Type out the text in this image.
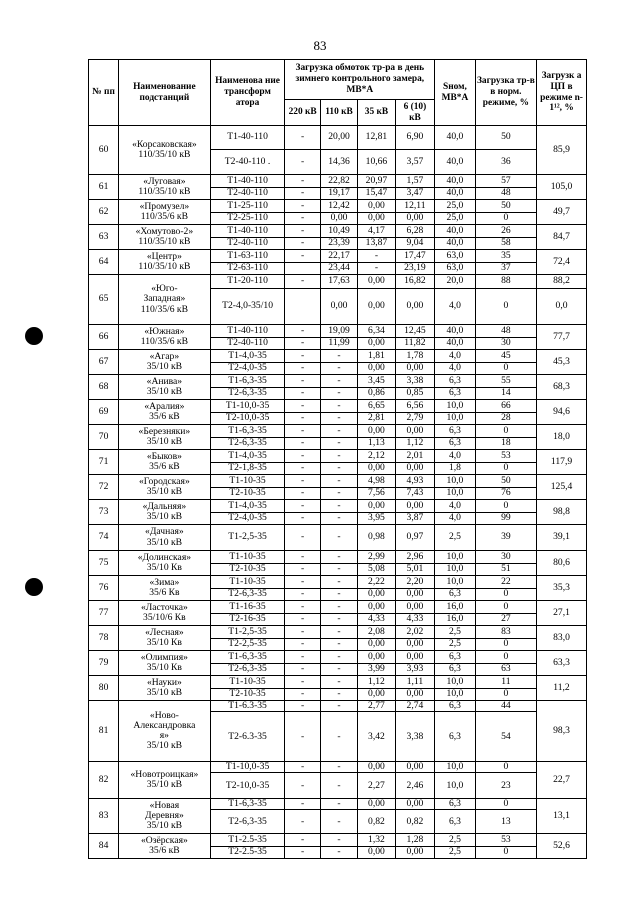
83
№ пп	Наименование подстанций	Наименова ние трансформ атора	Загрузка обмоток тр-ра в день зимнего контрольного замера, МВ*А				Sном, МВ*А	Загрузка тр-в в норм. режиме, %	Загрузк а ЦП в режиме n-1¹², %
			220 кВ	110 кВ	35 кВ	6 (10) кВ			
60	«Корсаковская»
110/35/10 кВ	Т1-40-110	-	20,00	12,81	6,90	40,0	50	85,9
		Т2-40-110 .	-	14,36	10,66	3,57	40,0	36	
61	«Луговая»
110/35/10 кВ	Т1-40-110	-	22,82	20,97	1,57	40,0	57	105,0
		Т2-40-110	-	19,17	15,47	3,47	40,0	48	
62	«Промузел»
110/35/6 кВ	Т1-25-110	-	12,42	0,00	12,11	25,0	50	49,7
		Т2-25-110	-	0,00	0,00	0,00	25,0	0	
63	«Хомутово-2»
110/35/10 кВ	Т1-40-110	-	10,49	4,17	6,28	40,0	26	84,7
		Т2-40-110	-	23,39	13,87	9,04	40,0	58	
64	«Центр»
110/35/10 кВ	Т1-63-110	-	22,17	-	17,47	63,0	35	72,4
		Т2-63-110		23,44	-	23,19	63,0	37	
65	«Юго-
Западная»
110/35/6 кВ	Т1-20-110	-	17,63	0,00	16,82	20,0	88	88,2
		Т2-4,0-35/10		0,00	0,00	0,00	4,0	0	0,0
66	«Южная»
110/35/6 кВ	Т1-40-110	-	19,09	6,34	12,45	40,0	48	77,7
		Т2-40-110	-	11,99	0,00	11,82	40,0	30	
67	«Агар»
35/10 кВ	Т1-4,0-35	-	-	1,81	1,78	4,0	45	45,3
		Т2-4,0-35	-	-	0,00	0,00	4,0	0	
68	«Анива»
35/10 кВ	Т1-6,3-35	-	-	3,45	3,38	6,3	55	68,3
		Т2-6,3-35	-	-	0,86	0,85	6,3	14	
69	«Аралия»
35/6 кВ	Т1-10,0-35	-	-	6,65	6,56	10,0	66	94,6
		Т2-10,0-35	-	-	2,81	2,79	10,0	28	
70	«Березняки»
35/10 кВ	Т1-6,3-35	-	-	0,00	0,00	6,3	0	18,0
		Т2-6,3-35	-	-	1,13	1,12	6,3	18	
71	«Быков»
35/6 кВ	Т1-4,0-35	-	-	2,12	2,01	4,0	53	117,9
		Т2-1,8-35	-	-	0,00	0,00	1,8	0	
72	«Городская»
35/10 кВ	Т1-10-35	-	-	4,98	4,93	10,0	50	125,4
		Т2-10-35	-	-	7,56	7,43	10,0	76	
73	«Дальняя»
35/10 кВ	Т1-4,0-35	-	-	0,00	0,00	4,0	0	98,8
		Т2-4,0-35	-	-	3,95	3,87	4,0	99	
74	«Дачная»
35/10 кВ	Т1-2,5-35	-	-	0,98	0,97	2,5	39	39,1
75	«Долинская»
35/10 Кв	Т1-10-35	-	-	2,99	2,96	10,0	30	80,6
		Т2-10-35	-	-	5,08	5,01	10,0	51	
76	«Зима»
35/6 Кв	Т1-10-35	-	-	2,22	2,20	10,0	22	35,3
		Т2-6,3-35	-	-	0,00	0,00	6,3	0	
77	«Ласточка»
35/10/6 Кв	Т1-16-35	-	-	0,00	0,00	16,0	0	27,1
		Т2-16-35	-	-	4,33	4,33	16,0	27	
78	«Лесная»
35/10 Кв	Т1-2,5-35	-	-	2,08	2,02	2,5	83	83,0
		Т2-2,5-35	-	-	0,00	0,00	2,5	0	
79	«Олимпия»
35/10 Кв	Т1-6,3-35	-	-	0,00	0,00	6,3	0	63,3
		Т2-6,3-35	-	-	3,99	3,93	6,3	63	
80	«Науки»
35/10 кВ	Т1-10-35	-	-	1,12	1,11	10,0	11	11,2
		Т2-10-35	-	-	0,00	0,00	10,0	0	
81	«Ново-
Александровка
я»
35/10 кВ	Т1-6.3-35	-	-	2,77	2,74	6,3	44	98,3
		Т2-6.3-35	-	-	3,42	3,38	6,3	54	
82	«Новотроицкая»
35/10 кВ	Т1-10,0-35	-	-	0,00	0,00	10,0	0	22,7
		Т2-10,0-35	-	-	2,27	2,46	10,0	23	
83	«Новая
Деревня»
35/10 кВ	Т1-6,3-35	-	-	0,00	0,00	6,3	0	13,1
		Т2-6,3-35	-	-	0,82	0,82	6,3	13	
84	«Озёрская»
35/6 кВ	Т1-2.5-35	-	-	1,32	1,28	2,5	53	52,6
		Т2-2.5-35	-	-	0,00	0,00	2,5	0	
